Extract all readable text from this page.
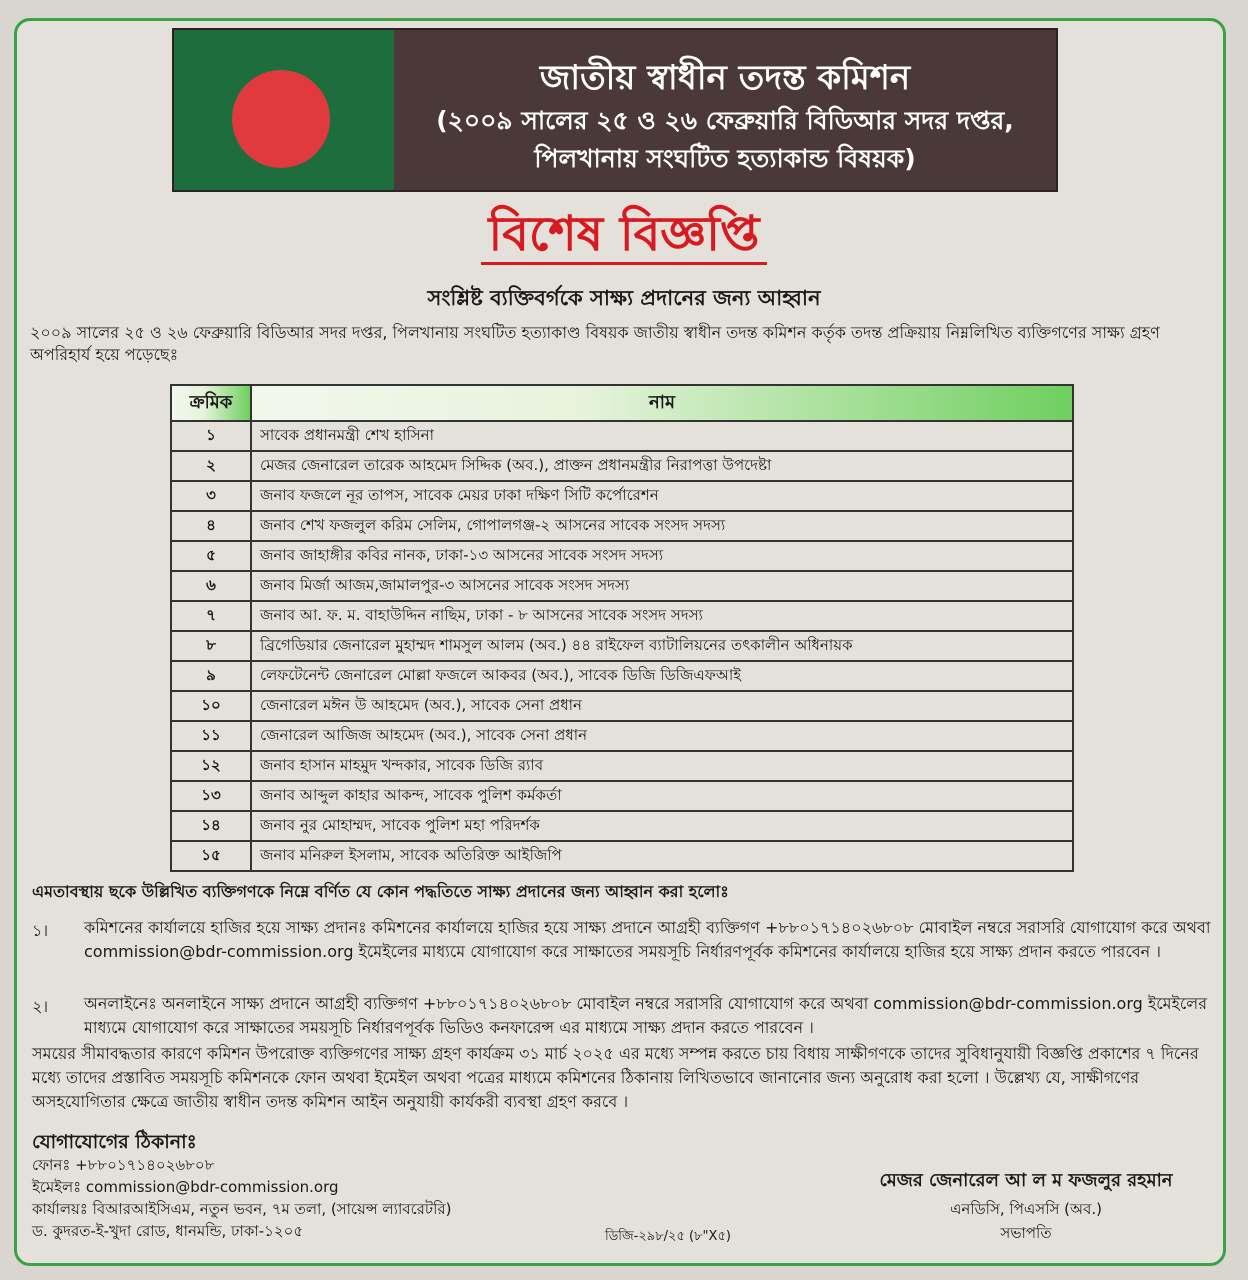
জাতীয় স্বাধীন তদন্ত কমিশন
(২০০৯ সালের ২৫ ও ২৬ ফেব্রুয়ারি বিডিআর সদর দপ্তর,
পিলখানায় সংঘটিত হত্যাকান্ড বিষয়ক)
বিশেষ বিজ্ঞপ্তি
সংশ্লিষ্ট ব্যক্তিবর্গকে সাক্ষ্য প্রদানের জন্য আহ্বান
২০০৯ সালের ২৫ ও ২৬ ফেব্রুয়ারি বিডিআর সদর দপ্তর, পিলখানায় সংঘটিত হত্যাকাণ্ড বিষয়ক জাতীয় স্বাধীন তদন্ত কমিশন কর্তৃক তদন্ত প্রক্রিয়ায় নিম্নলিখিত ব্যক্তিগণের সাক্ষ্য গ্রহণ অপরিহার্য হয়ে পড়েছেঃ
ক্রমিক	নাম
১	সাবেক প্রধানমন্ত্রী শেখ হাসিনা
২	মেজর জেনারেল তারেক আহমেদ সিদ্দিক (অব.), প্রাক্তন প্রধানমন্ত্রীর নিরাপত্তা উপদেষ্টা
৩	জনাব ফজলে নূর তাপস, সাবেক মেয়র ঢাকা দক্ষিণ সিটি কর্পোরেশন
৪	জনাব শেখ ফজলুল করিম সেলিম, গোপালগঞ্জ-২ আসনের সাবেক সংসদ সদস্য
৫	জনাব জাহাঙ্গীর কবির নানক, ঢাকা-১৩ আসনের সাবেক সংসদ সদস্য
৬	জনাব মির্জা আজম,জামালপুর-৩ আসনের সাবেক সংসদ সদস্য
৭	জনাব আ. ফ. ম. বাহাউদ্দিন নাছিম, ঢাকা - ৮ আসনের সাবেক সংসদ সদস্য
৮	ব্রিগেডিয়ার জেনারেল মুহাম্মদ শামসুল আলম (অব.) ৪৪ রাইফেল ব্যাটালিয়নের তৎকালীন অধিনায়ক
৯	লেফটেনেন্ট জেনারেল মোল্লা ফজলে আকবর (অব.), সাবেক ডিজি ডিজিএফআই
১০	জেনারেল মঈন উ আহমেদ (অব.), সাবেক সেনা প্রধান
১১	জেনারেল আজিজ আহমেদ (অব.), সাবেক সেনা প্রধান
১২	জনাব হাসান মাহমুদ খন্দকার, সাবেক ডিজি র‍্যাব
১৩	জনাব আব্দুল কাহার আকন্দ, সাবেক পুলিশ কর্মকর্তা
১৪	জনাব নুর মোহাম্মদ, সাবেক পুলিশ মহা পরিদর্শক
১৫	জনাব মনিরুল ইসলাম, সাবেক অতিরিক্ত আইজিপি
এমতাবস্থায় ছকে উল্লিখিত ব্যক্তিগণকে নিম্নে বর্ণিত যে কোন পদ্ধতিতে সাক্ষ্য প্রদানের জন্য আহ্বান করা হলোঃ
১।	কমিশনের কার্যালয়ে হাজির হয়ে সাক্ষ্য প্রদানঃ কমিশনের কার্যালয়ে হাজির হয়ে সাক্ষ্য প্রদানে আগ্রহী ব্যক্তিগণ +৮৮০১৭১৪০২৬৮০৮ মোবাইল নম্বরে সরাসরি যোগাযোগ করে অথবা commission@bdr-commission.org ইমেইলের মাধ্যমে যোগাযোগ করে সাক্ষাতের সময়সূচি নির্ধারণপূর্বক কমিশনের কার্যালয়ে হাজির হয়ে সাক্ষ্য প্রদান করতে পারবেন ।
২।	অনলাইনেঃ অনলাইনে সাক্ষ্য প্রদানে আগ্রহী ব্যক্তিগণ +৮৮০১৭১৪০২৬৮০৮ মোবাইল নম্বরে সরাসরি যোগাযোগ করে অথবা commission@bdr-commission.org ইমেইলের মাধ্যমে যোগাযোগ করে সাক্ষাতের সময়সূচি নির্ধারণপূর্বক ভিডিও কনফারেন্স এর মাধ্যমে সাক্ষ্য প্রদান করতে পারবেন ।
সময়ের সীমাবদ্ধতার কারণে কমিশন উপরোক্ত ব্যক্তিগণের সাক্ষ্য গ্রহণ কার্যক্রম ৩১ মার্চ ২০২৫ এর মধ্যে সম্পন্ন করতে চায় বিধায় সাক্ষীগণকে তাদের সুবিধানুযায়ী বিজ্ঞপ্তি প্রকাশের ৭ দিনের মধ্যে তাদের প্রস্তাবিত সময়সূচি কমিশনকে ফোন অথবা ইমেইল অথবা পত্রের মাধ্যমে কমিশনের ঠিকানায় লিখিতভাবে জানানোর জন্য অনুরোধ করা হলো । উল্লেখ্য যে, সাক্ষীগণের অসহযোগিতার ক্ষেত্রে জাতীয় স্বাধীন তদন্ত কমিশন আইন অনুযায়ী কার্যকরী ব্যবস্থা গ্রহণ করবে ।
যোগাযোগের ঠিকানাঃ
ফোনঃ +৮৮০১৭১৪০২৬৮০৮
ইমেইলঃ commission@bdr-commission.org
কার্যালয়ঃ বিআরআইসিএম, নতুন ভবন, ৭ম তলা, (সায়েন্স ল্যাবরেটরি)
ড. কুদরত-ই-খুদা রোড, ধানমন্ডি, ঢাকা-১২০৫	ডিজি-২৯৮/২৫ (৮"X৫)
মেজর জেনারেল আ ল ম ফজলুর রহমান
এনডিসি, পিএসসি (অব.)
সভাপতি
